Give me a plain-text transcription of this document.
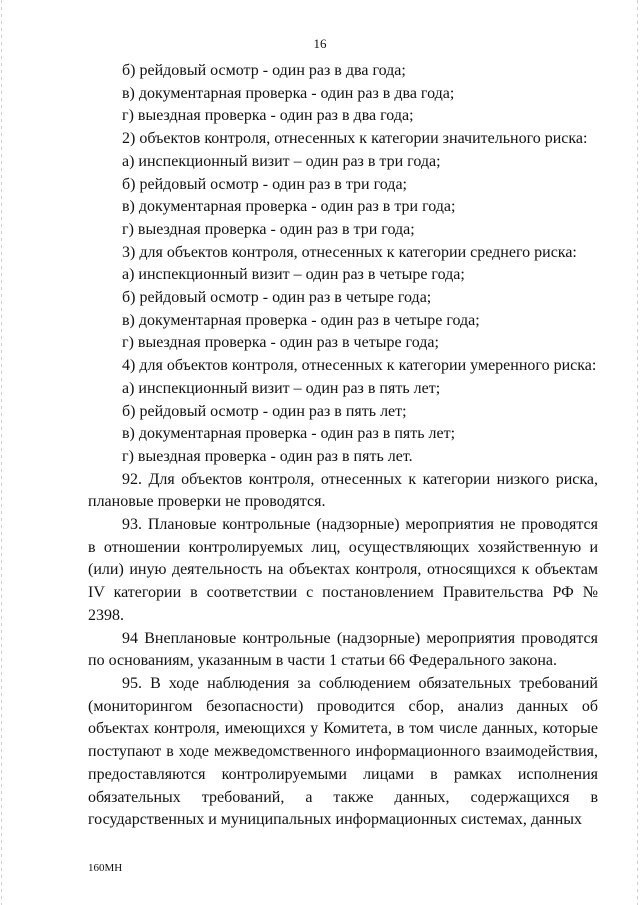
16

б) рейдовый осмотр - один раз в два года;

в) документарная проверка - один раз в два года;

г) выездная проверка - один раз в два года;

2) объектов контроля, отнесенных к категории значительного риска:

а) инспекционный визит – один раз в три года;

б) рейдовый осмотр - один раз в три года;

в) документарная проверка - один раз в три года;

г) выездная проверка - один раз в три года;

3) для объектов контроля, отнесенных к категории среднего риска:

а) инспекционный визит – один раз в четыре года;

б) рейдовый осмотр - один раз в четыре года;

в) документарная проверка - один раз в четыре года;

г) выездная проверка - один раз в четыре года;

4) для объектов контроля, отнесенных к категории умеренного риска:

а) инспекционный визит – один раз в пять лет;

б) рейдовый осмотр - один раз в пять лет;

в) документарная проверка - один раз в пять лет;

г) выездная проверка - один раз в пять лет.

92. Для объектов контроля, отнесенных к категории низкого риска, плановые проверки не проводятся.

93. Плановые контрольные (надзорные) мероприятия не проводятся в отношении контролируемых лиц, осуществляющих хозяйственную и (или) иную деятельность на объектах контроля, относящихся к объектам IV категории в соответствии с постановлением Правительства РФ № 2398.

94 Внеплановые контрольные (надзорные) мероприятия проводятся по основаниям, указанным в части 1 статьи 66 Федерального закона.

95. В ходе наблюдения за соблюдением обязательных требований (мониторингом безопасности) проводится сбор, анализ данных об объектах контроля, имеющихся у Комитета, в том числе данных, которые поступают в ходе межведомственного информационного взаимодействия, предоставляются контролируемыми лицами в рамках исполнения обязательных требований, а также данных, содержащихся в государственных и муниципальных информационных системах, данных

160МН
